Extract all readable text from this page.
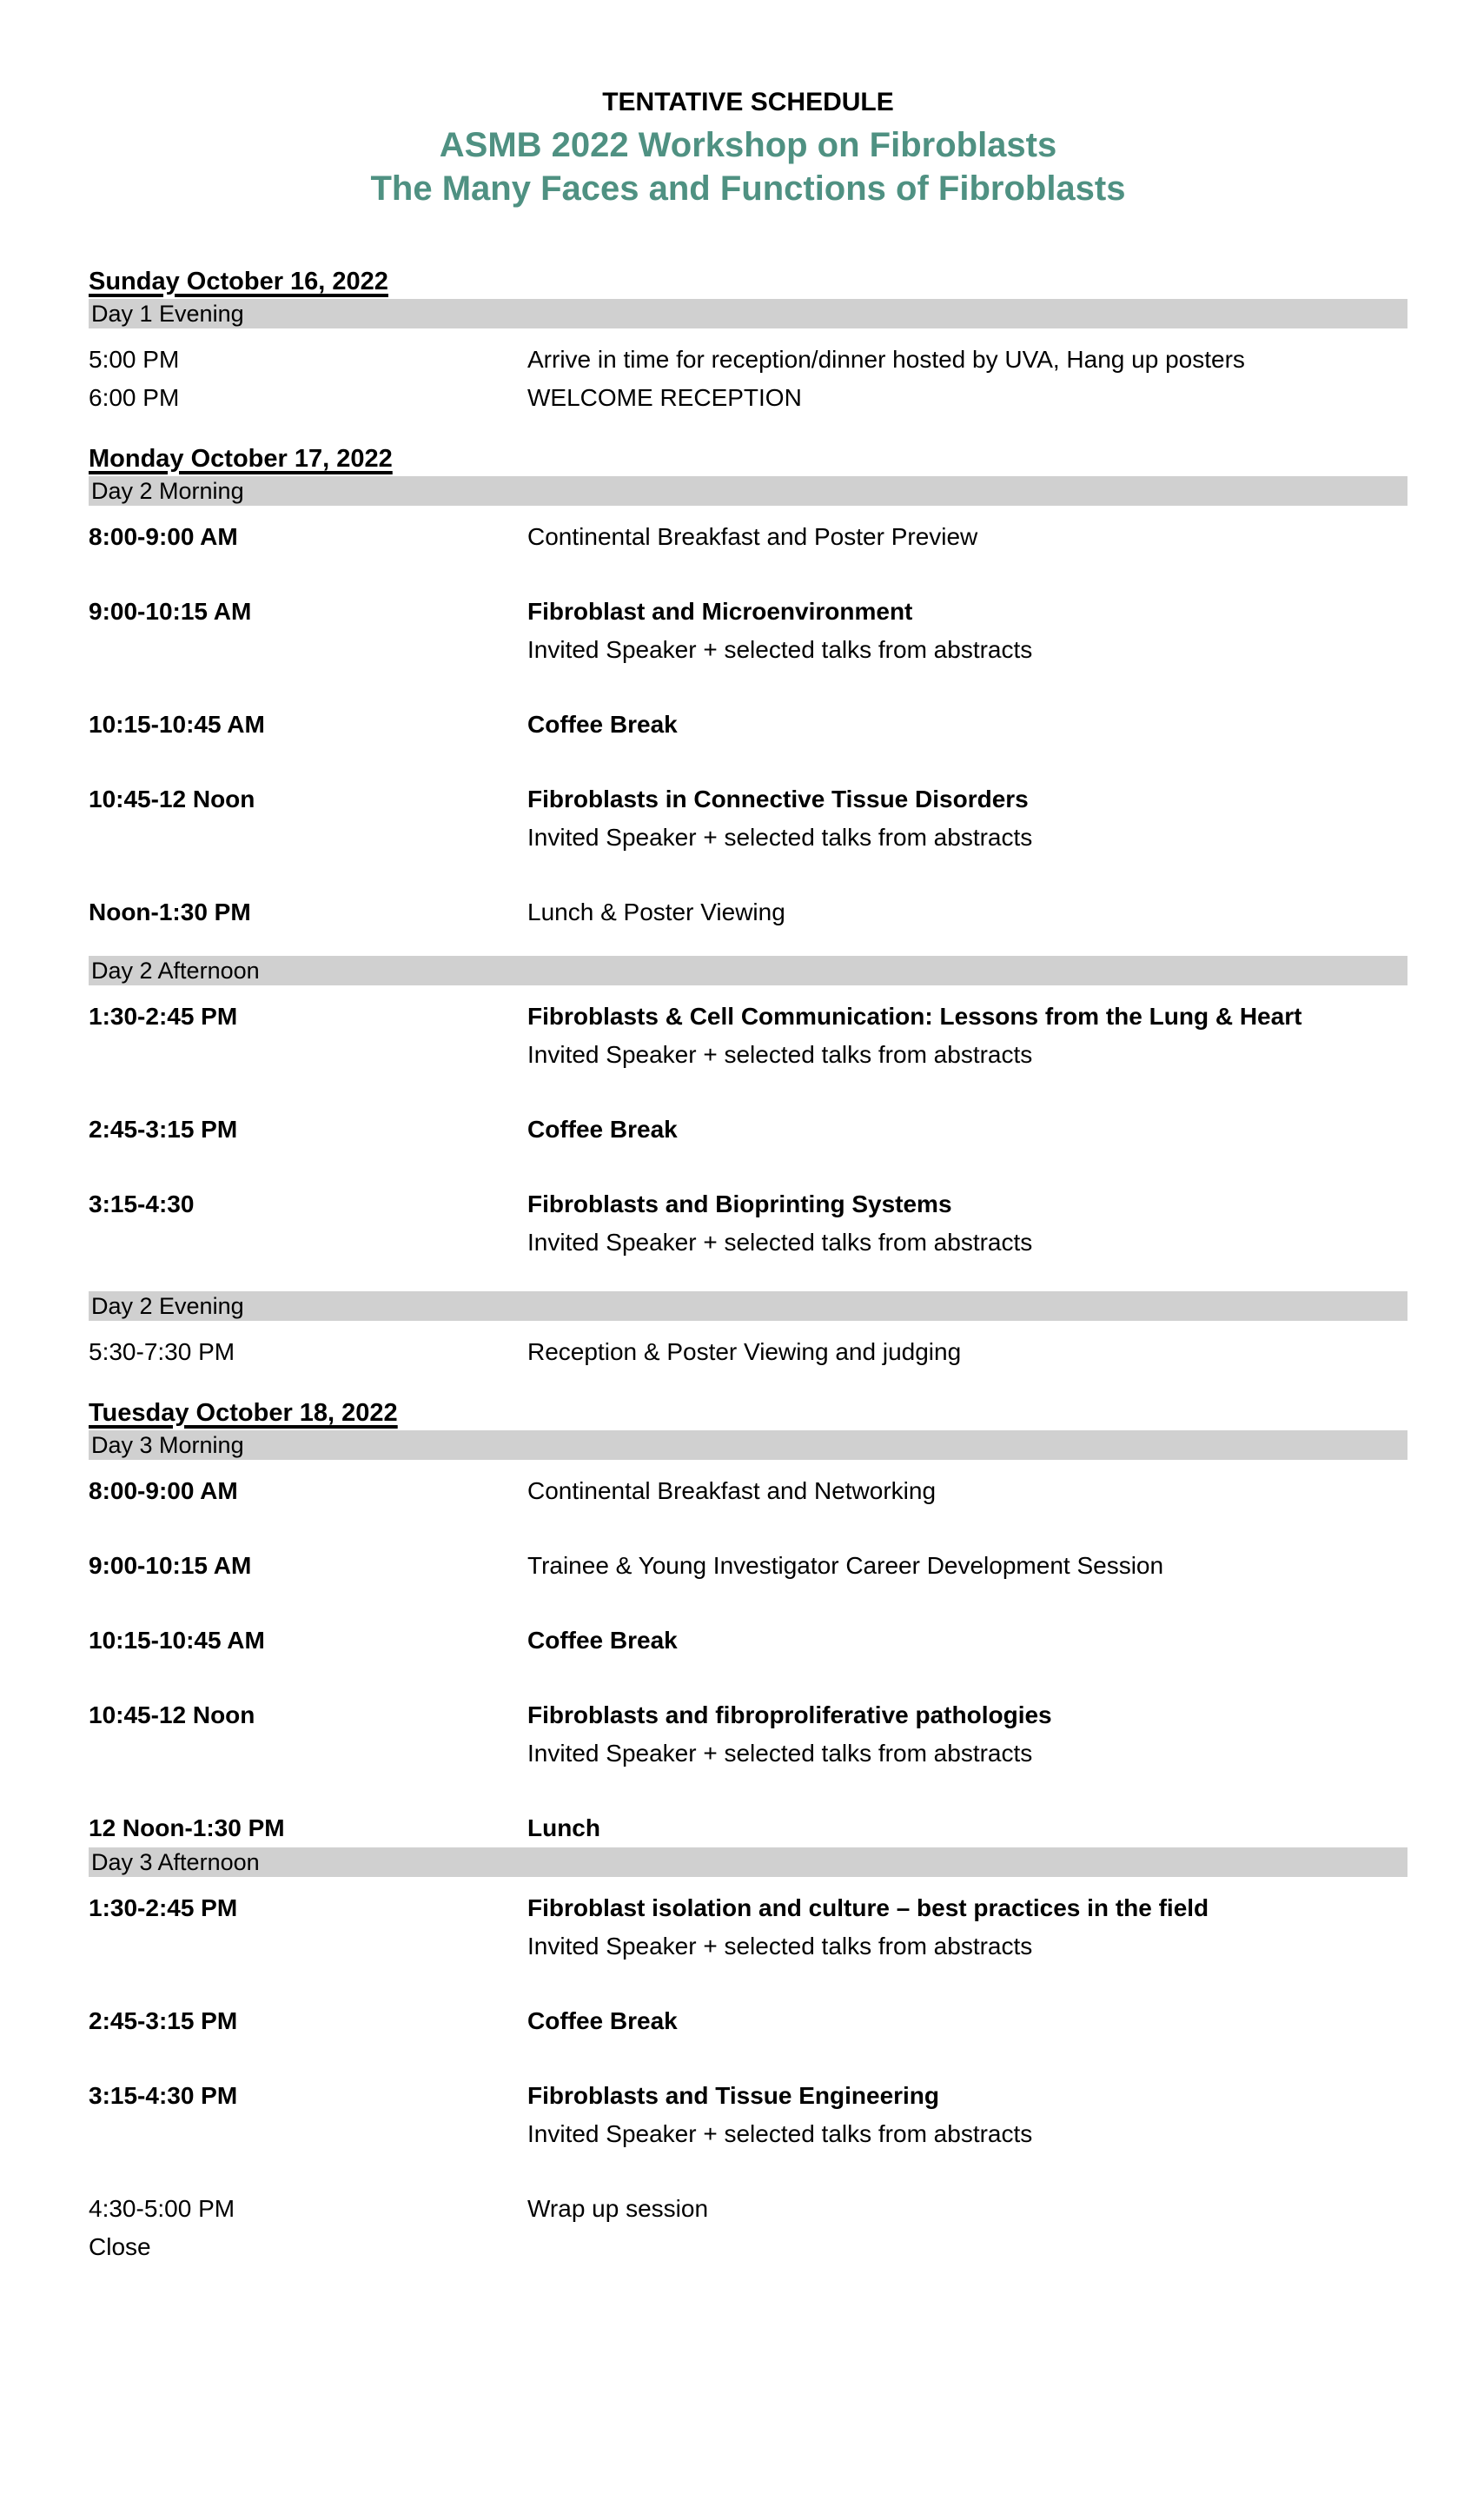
TENTATIVE SCHEDULE
ASMB 2022 Workshop on Fibroblasts
The Many Faces and Functions of Fibroblasts
Sunday October 16, 2022
Day 1 Evening
5:00 PM	Arrive in time for reception/dinner hosted by UVA, Hang up posters
6:00 PM	WELCOME RECEPTION
Monday October 17, 2022
Day 2 Morning
8:00-9:00 AM	Continental Breakfast and Poster Preview
9:00-10:15 AM	Fibroblast and Microenvironment
Invited Speaker + selected talks from abstracts
10:15-10:45 AM	Coffee Break
10:45-12 Noon	Fibroblasts in Connective Tissue Disorders
Invited Speaker + selected talks from abstracts
Noon-1:30 PM	Lunch & Poster Viewing
Day 2 Afternoon
1:30-2:45 PM	Fibroblasts & Cell Communication: Lessons from the Lung & Heart
Invited Speaker + selected talks from abstracts
2:45-3:15 PM	Coffee Break
3:15-4:30	Fibroblasts and Bioprinting Systems
Invited Speaker + selected talks from abstracts
Day 2 Evening
5:30-7:30 PM	Reception & Poster Viewing and judging
Tuesday October 18, 2022
Day 3 Morning
8:00-9:00 AM	Continental Breakfast and Networking
9:00-10:15 AM	Trainee & Young Investigator Career Development Session
10:15-10:45 AM	Coffee Break
10:45-12 Noon	Fibroblasts and fibroproliferative pathologies
Invited Speaker + selected talks from abstracts
12 Noon-1:30 PM	Lunch
Day 3 Afternoon
1:30-2:45 PM	Fibroblast isolation and culture – best practices in the field
Invited Speaker + selected talks from abstracts
2:45-3:15 PM	Coffee Break
3:15-4:30 PM	Fibroblasts and Tissue Engineering
Invited Speaker + selected talks from abstracts
4:30-5:00 PM	Wrap up session
Close
